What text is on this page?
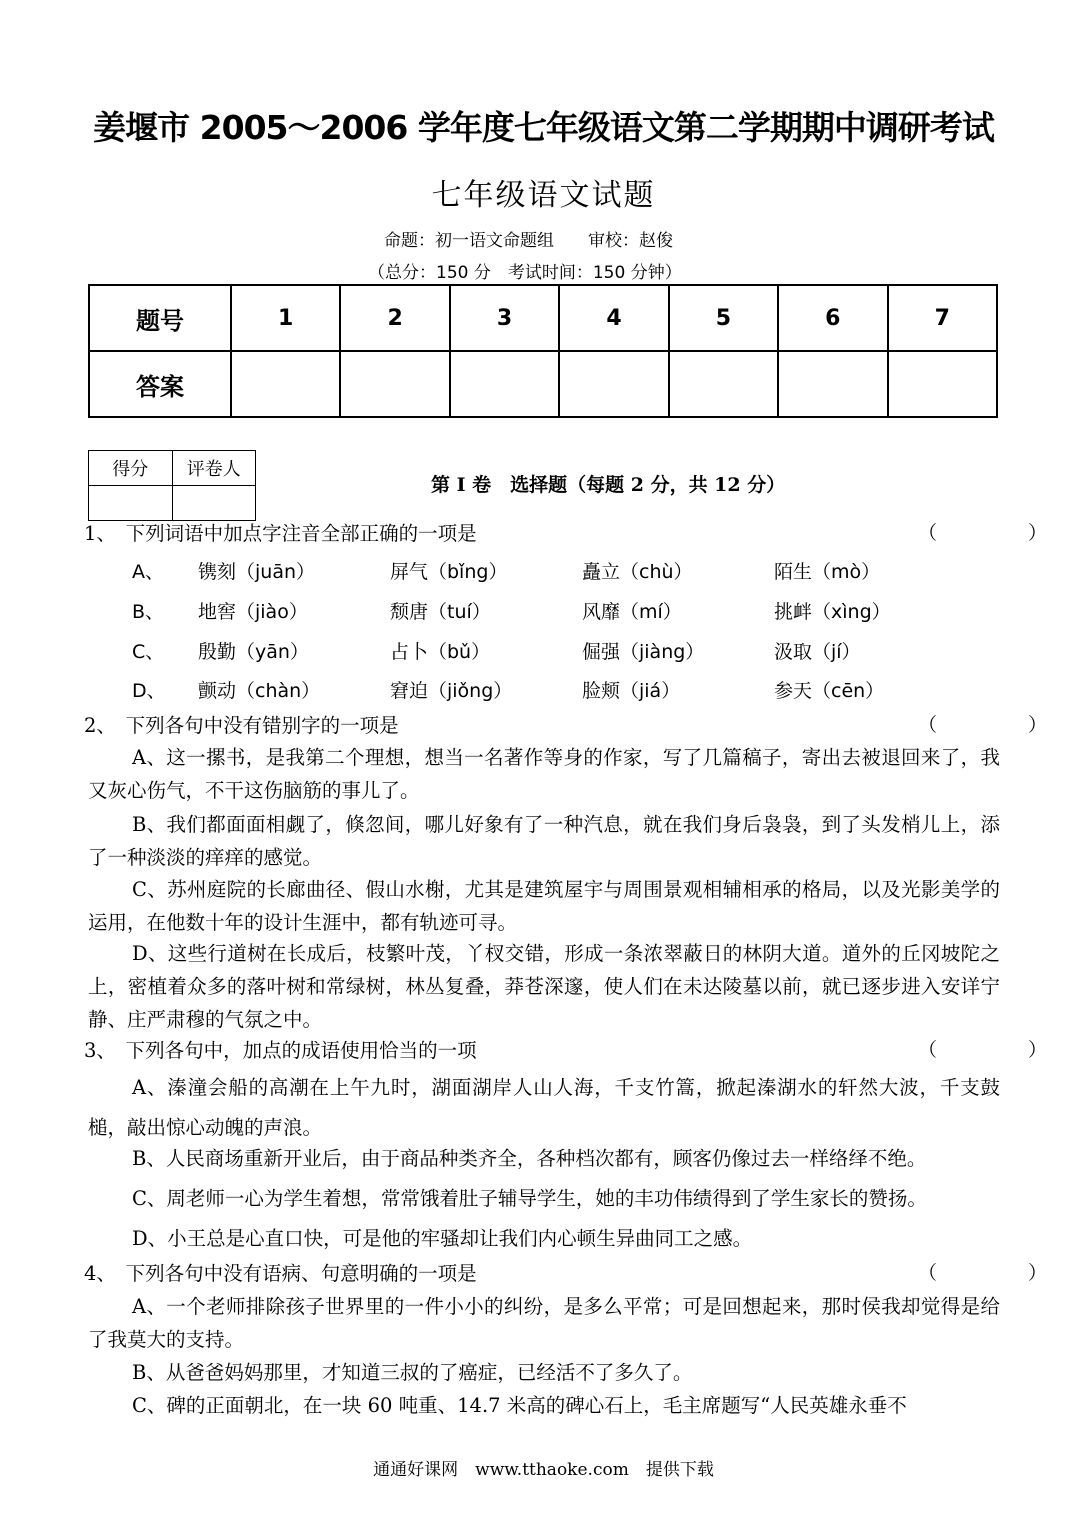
姜堰市 2005～2006 学年度七年级语文第二学期期中调研考试
七年级语文试题
命题：初一语文命题组　　审校：赵俊
（总分：150 分　考试时间：150 分钟）
题号	1	2	3	4	5	6	7
答案							
得分	评卷人

第 I 卷　选择题（每题 2 分，共 12 分）
1、　下列词语中加点字注音全部正确的一项是	（　）
A、 镌刻（juān）	屏气（bǐng）	矗立（chù）	陌生（mò）
B、 地窖（jiào）	颓唐（tuí）	风靡（mí）	挑衅（xìng）
C、 殷勤（yān）	占卜（bǔ）	倔强（jiàng）	汲取（jí）
D、 颤动（chàn）	窘迫（jiǒng）	脸颊（jiá）	参天（cēn）
2、　下列各句中没有错别字的一项是	（　）
A、这一摞书，是我第二个理想，想当一名著作等身的作家，写了几篇稿子，寄出去被退回来了，我又灰心伤气，不干这伤脑筋的事儿了。
B、我们都面面相觑了，倏忽间，哪儿好象有了一种汽息，就在我们身后袅袅，到了头发梢儿上，添了一种淡淡的痒痒的感觉。
C、苏州庭院的长廊曲径、假山水榭，尤其是建筑屋宇与周围景观相辅相承的格局，以及光影美学的运用，在他数十年的设计生涯中，都有轨迹可寻。
D、这些行道树在长成后，枝繁叶茂，丫杈交错，形成一条浓翠蔽日的林阴大道。道外的丘冈坡陀之上，密植着众多的落叶树和常绿树，林丛复叠，莽苍深邃，使人们在未达陵墓以前，就已逐步进入安详宁静、庄严肃穆的气氛之中。
3、　下列各句中，加点的成语使用恰当的一项	（　）
A、溱潼会船的高潮在上午九时，湖面湖岸人山人海，千支竹篙，掀起溱湖水的轩然大波，千支鼓槌，敲出惊心动魄的声浪。
B、人民商场重新开业后，由于商品种类齐全，各种档次都有，顾客仍像过去一样络绎不绝。
C、周老师一心为学生着想，常常饿着肚子辅导学生，她的丰功伟绩得到了学生家长的赞扬。
D、小王总是心直口快，可是他的牢骚却让我们内心顿生异曲同工之感。
4、　下列各句中没有语病、句意明确的一项是	（　）
A、一个老师排除孩子世界里的一件小小的纠纷，是多么平常；可是回想起来，那时侯我却觉得是给了我莫大的支持。
B、从爸爸妈妈那里，才知道三叔的了癌症，已经活不了多久了。
C、碑的正面朝北，在一块 60 吨重、14.7 米高的碑心石上，毛主席题写“人民英雄永垂不
通通好课网　www.tthaoke.com　提供下载
